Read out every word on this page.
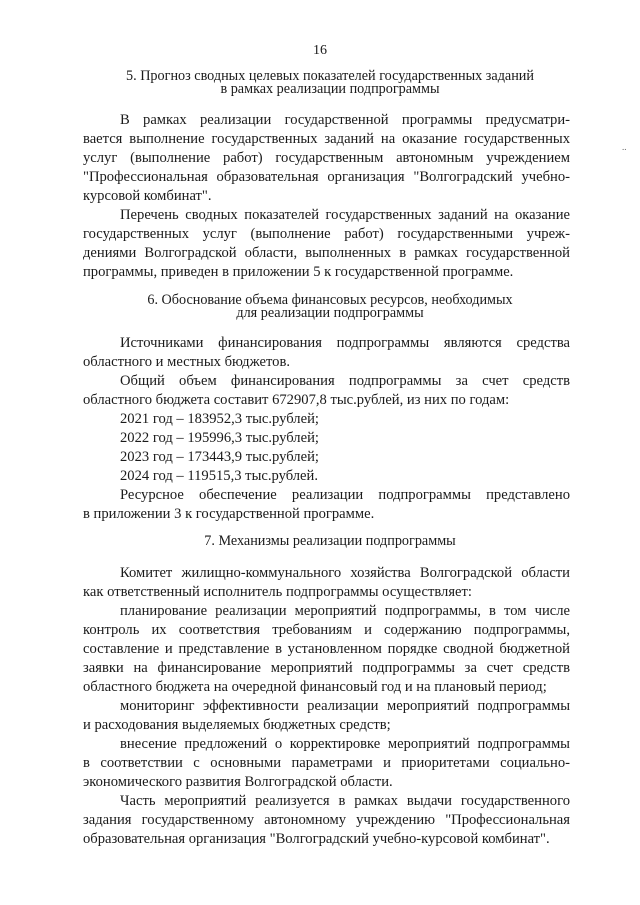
16
..
5. Прогноз сводных целевых показателей государственных заданий
в рамках реализации подпрограммы
В рамках реализации государственной программы предусматри-
вается выполнение государственных заданий на оказание государственных
услуг (выполнение работ) государственным автономным учреждением
"Профессиональная образовательная организация "Волгоградский учебно-
курсовой комбинат".
Перечень сводных показателей государственных заданий на оказание
государственных услуг (выполнение работ) государственными учреж-
дениями Волгоградской области, выполненных в рамках государственной
программы, приведен в приложении 5 к государственной программе.
6. Обоснование объема финансовых ресурсов, необходимых
для реализации подпрограммы
Источниками финансирования подпрограммы являются средства
областного и местных бюджетов.
Общий объем финансирования подпрограммы за счет средств
областного бюджета составит 672907,8 тыс.рублей, из них по годам:
2021 год – 183952,3 тыс.рублей;
2022 год – 195996,3 тыс.рублей;
2023 год – 173443,9 тыс.рублей;
2024 год – 119515,3 тыс.рублей.
Ресурсное обеспечение реализации подпрограммы представлено
в приложении 3 к государственной программе.
7. Механизмы реализации подпрограммы
Комитет жилищно-коммунального хозяйства Волгоградской области
как ответственный исполнитель подпрограммы осуществляет:
планирование реализации мероприятий подпрограммы, в том числе
контроль их соответствия требованиям и содержанию подпрограммы,
составление и представление в установленном порядке сводной бюджетной
заявки на финансирование мероприятий подпрограммы за счет средств
областного бюджета на очередной финансовый год и на плановый период;
мониторинг эффективности реализации мероприятий подпрограммы
и расходования выделяемых бюджетных средств;
внесение предложений о корректировке мероприятий подпрограммы
в соответствии с основными параметрами и приоритетами социально-
экономического развития Волгоградской области.
Часть мероприятий реализуется в рамках выдачи государственного
задания государственному автономному учреждению "Профессиональная
образовательная организация "Волгоградский учебно-курсовой комбинат".
